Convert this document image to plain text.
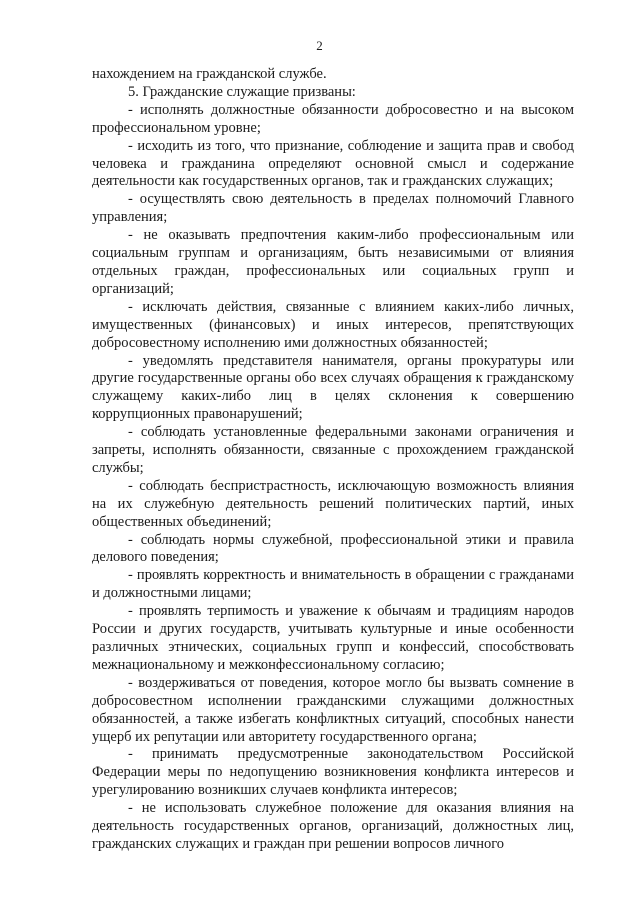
2

нахождением на гражданской службе.

5. Гражданские служащие призваны:

- исполнять должностные обязанности добросовестно и на высоком профессиональном уровне;

- исходить из того, что признание, соблюдение и защита прав и свобод человека и гражданина определяют основной смысл и содержание деятельности как государственных органов, так и гражданских служащих;

- осуществлять свою деятельность в пределах полномочий Главного управления;

- не оказывать предпочтения каким-либо профессиональным или социальным группам и организациям, быть независимыми от влияния отдельных граждан, профессиональных или социальных групп и организаций;

- исключать действия, связанные с влиянием каких-либо личных, имущественных (финансовых) и иных интересов, препятствующих добросовестному исполнению ими должностных обязанностей;

- уведомлять представителя нанимателя, органы прокуратуры или другие государственные органы обо всех случаях обращения к гражданскому служащему каких-либо лиц в целях склонения к совершению коррупционных правонарушений;

- соблюдать установленные федеральными законами ограничения и запреты, исполнять обязанности, связанные с прохождением гражданской службы;

- соблюдать беспристрастность, исключающую возможность влияния на их служебную деятельность решений политических партий, иных общественных объединений;

- соблюдать нормы служебной, профессиональной этики и правила делового поведения;

- проявлять корректность и внимательность в обращении с гражданами и должностными лицами;

- проявлять терпимость и уважение к обычаям и традициям народов России и других государств, учитывать культурные и иные особенности различных этнических, социальных групп и конфессий, способствовать межнациональному и межконфессиональному согласию;

- воздерживаться от поведения, которое могло бы вызвать сомнение в добросовестном исполнении гражданскими служащими должностных обязанностей, а также избегать конфликтных ситуаций, способных нанести ущерб их репутации или авторитету государственного органа;

- принимать предусмотренные законодательством Российской Федерации меры по недопущению возникновения конфликта интересов и урегулированию возникших случаев конфликта интересов;

- не использовать служебное положение для оказания влияния на деятельность государственных органов, организаций, должностных лиц, гражданских служащих и граждан при решении вопросов личного
